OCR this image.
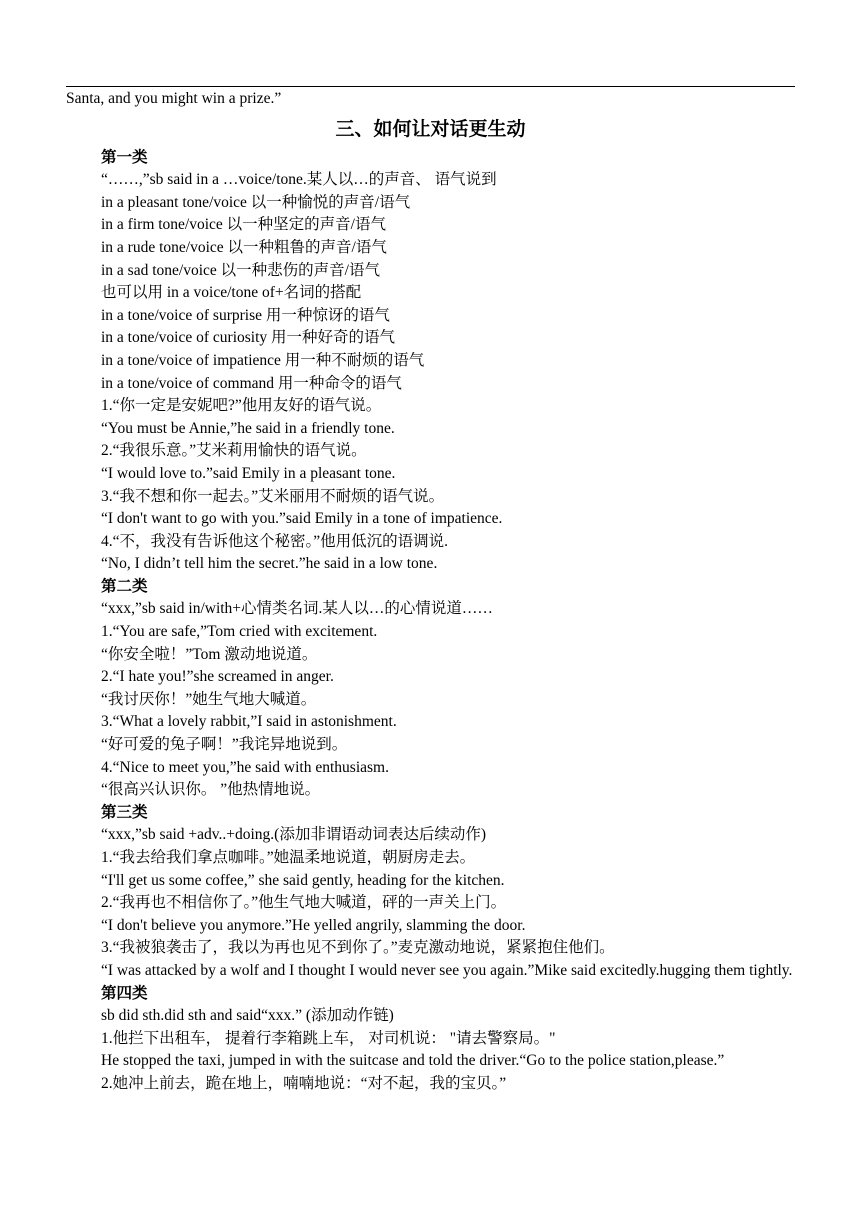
Santa, and you might win a prize.”
三、如何让对话更生动
第一类
“……,”sb said in a …voice/tone.某人以…的声音、 语气说到
in a pleasant tone/voice 以一种愉悦的声音/语气
in a firm tone/voice 以一种坚定的声音/语气
in a rude tone/voice 以一种粗鲁的声音/语气
in a sad tone/voice 以一种悲伤的声音/语气
也可以用 in a voice/tone of+名词的搭配
in a tone/voice of surprise 用一种惊讶的语气
in a tone/voice of curiosity 用一种好奇的语气
in a tone/voice of impatience 用一种不耐烦的语气
in a tone/voice of command 用一种命令的语气
1.“你一定是安妮吧?”他用友好的语气说。
“You must be Annie,”he said in a friendly tone.
2.“我很乐意。”艾米莉用愉快的语气说。
“I would love to.”said Emily in a pleasant tone.
3.“我不想和你一起去。”艾米丽用不耐烦的语气说。
“I don't want to go with you.”said Emily in a tone of impatience.
4.“不，我没有告诉他这个秘密。”他用低沉的语调说.
“No, I didn’t tell him the secret.”he said in a low tone.
第二类
“xxx,”sb said in/with+心情类名词.某人以…的心情说道……
1.“You are safe,”Tom cried with excitement.
“你安全啦！”Tom 激动地说道。
2.“I hate you!”she screamed in anger.
“我讨厌你！”她生气地大喊道。
3.“What a lovely rabbit,”I said in astonishment.
“好可爱的兔子啊！”我诧异地说到。
4.“Nice to meet you,”he said with enthusiasm.
“很高兴认识你。 ”他热情地说。
第三类
“xxx,”sb said +adv..+doing.(添加非谓语动词表达后续动作)
1.“我去给我们拿点咖啡。”她温柔地说道，朝厨房走去。
“I'll get us some coffee,” she said gently, heading for the kitchen.
2.“我再也不相信你了。”他生气地大喊道，砰的一声关上门。
“I don't believe you anymore.”He yelled angrily, slamming the door.
3.“我被狼袭击了，我以为再也见不到你了。”麦克激动地说，紧紧抱住他们。
“I was attacked by a wolf and I thought I would never see you again.”Mike said excitedly.hugging them tightly.
第四类
sb did sth.did sth and said“xxx.” (添加动作链)
1.他拦下出租车， 提着行李箱跳上车， 对司机说： "请去警察局。"
He stopped the taxi, jumped in with the suitcase and told the driver.“Go to the police station,please.”
2.她冲上前去，跪在地上，喃喃地说：“对不起，我的宝贝。”
